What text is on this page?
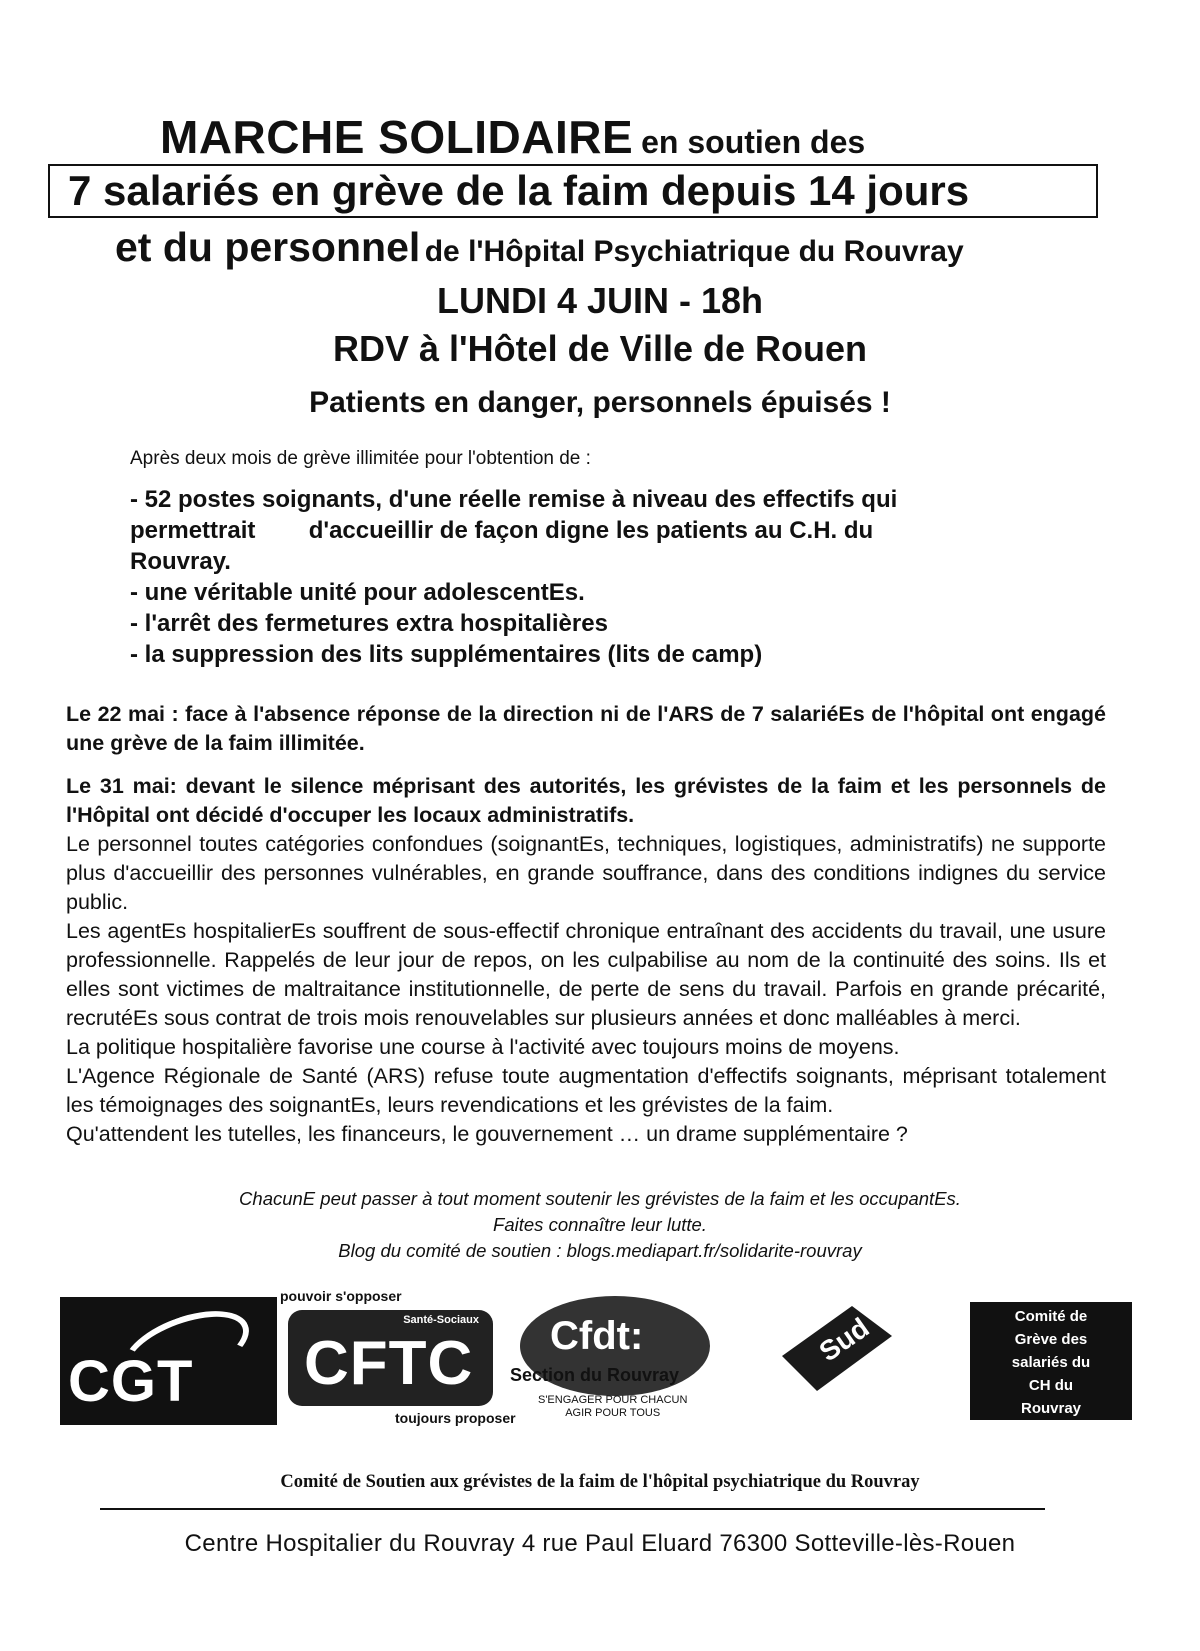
MARCHE SOLIDAIRE en soutien des
7 salariés en grève de la faim depuis 14 jours
et du personnel de l'Hôpital Psychiatrique du Rouvray
LUNDI 4 JUIN - 18h
RDV à l'Hôtel de Ville de Rouen
Patients en danger, personnels épuisés !
Après deux mois de grève illimitée pour l'obtention de :
- 52 postes soignants, d'une réelle remise à niveau des effectifs qui
permettrait        d'accueillir de façon digne les patients au C.H. du
Rouvray.
- une véritable unité pour adolescentEs.
- l'arrêt des fermetures extra hospitalières
- la suppression des lits supplémentaires (lits de camp)
Le 22 mai : face à l'absence réponse de la direction ni de l'ARS de 7 salariéEs de l'hôpital ont engagé une grève de la faim illimitée.
Le 31 mai: devant le silence méprisant des autorités, les grévistes de la faim et les personnels de l'Hôpital ont décidé d'occuper les locaux administratifs.
Le personnel toutes catégories confondues (soignantEs, techniques, logistiques, administratifs) ne supporte plus d'accueillir des personnes vulnérables, en grande souffrance, dans des conditions indignes du service public.
Les agentEs hospitalierEs souffrent de sous-effectif chronique entraînant des accidents du travail, une usure professionnelle. Rappelés de leur jour de repos, on les culpabilise au nom de la continuité des soins. Ils et elles sont victimes de maltraitance institutionnelle, de perte de sens du travail. Parfois en grande précarité, recrutéEs sous contrat de trois mois renouvelables sur plusieurs années et donc malléables à merci.
La politique hospitalière favorise une course à l'activité avec toujours moins de moyens.
L'Agence Régionale de Santé (ARS) refuse toute augmentation d'effectifs soignants, méprisant totalement les témoignages des soignantEs, leurs revendications et les grévistes de la faim.
Qu'attendent les tutelles, les financeurs, le gouvernement … un drame supplémentaire ?
ChacunE peut passer à tout moment soutenir les grévistes de la faim et les occupantEs.
Faites connaître leur lutte.
Blog du comité de soutien : blogs.mediapart.fr/solidarite-rouvray
CGT
pouvoir s'opposer
Santé-Sociaux
CFTC
toujours proposer
Cfdt:
Section du Rouvray
S'ENGAGER POUR CHACUN
AGIR POUR TOUS
Sud	Comité de
Grève des
salariés du
CH du
Rouvray
Comité de Soutien aux grévistes de la faim de l'hôpital psychiatrique du Rouvray
Centre Hospitalier du Rouvray 4 rue Paul Eluard 76300 Sotteville-lès-Rouen
